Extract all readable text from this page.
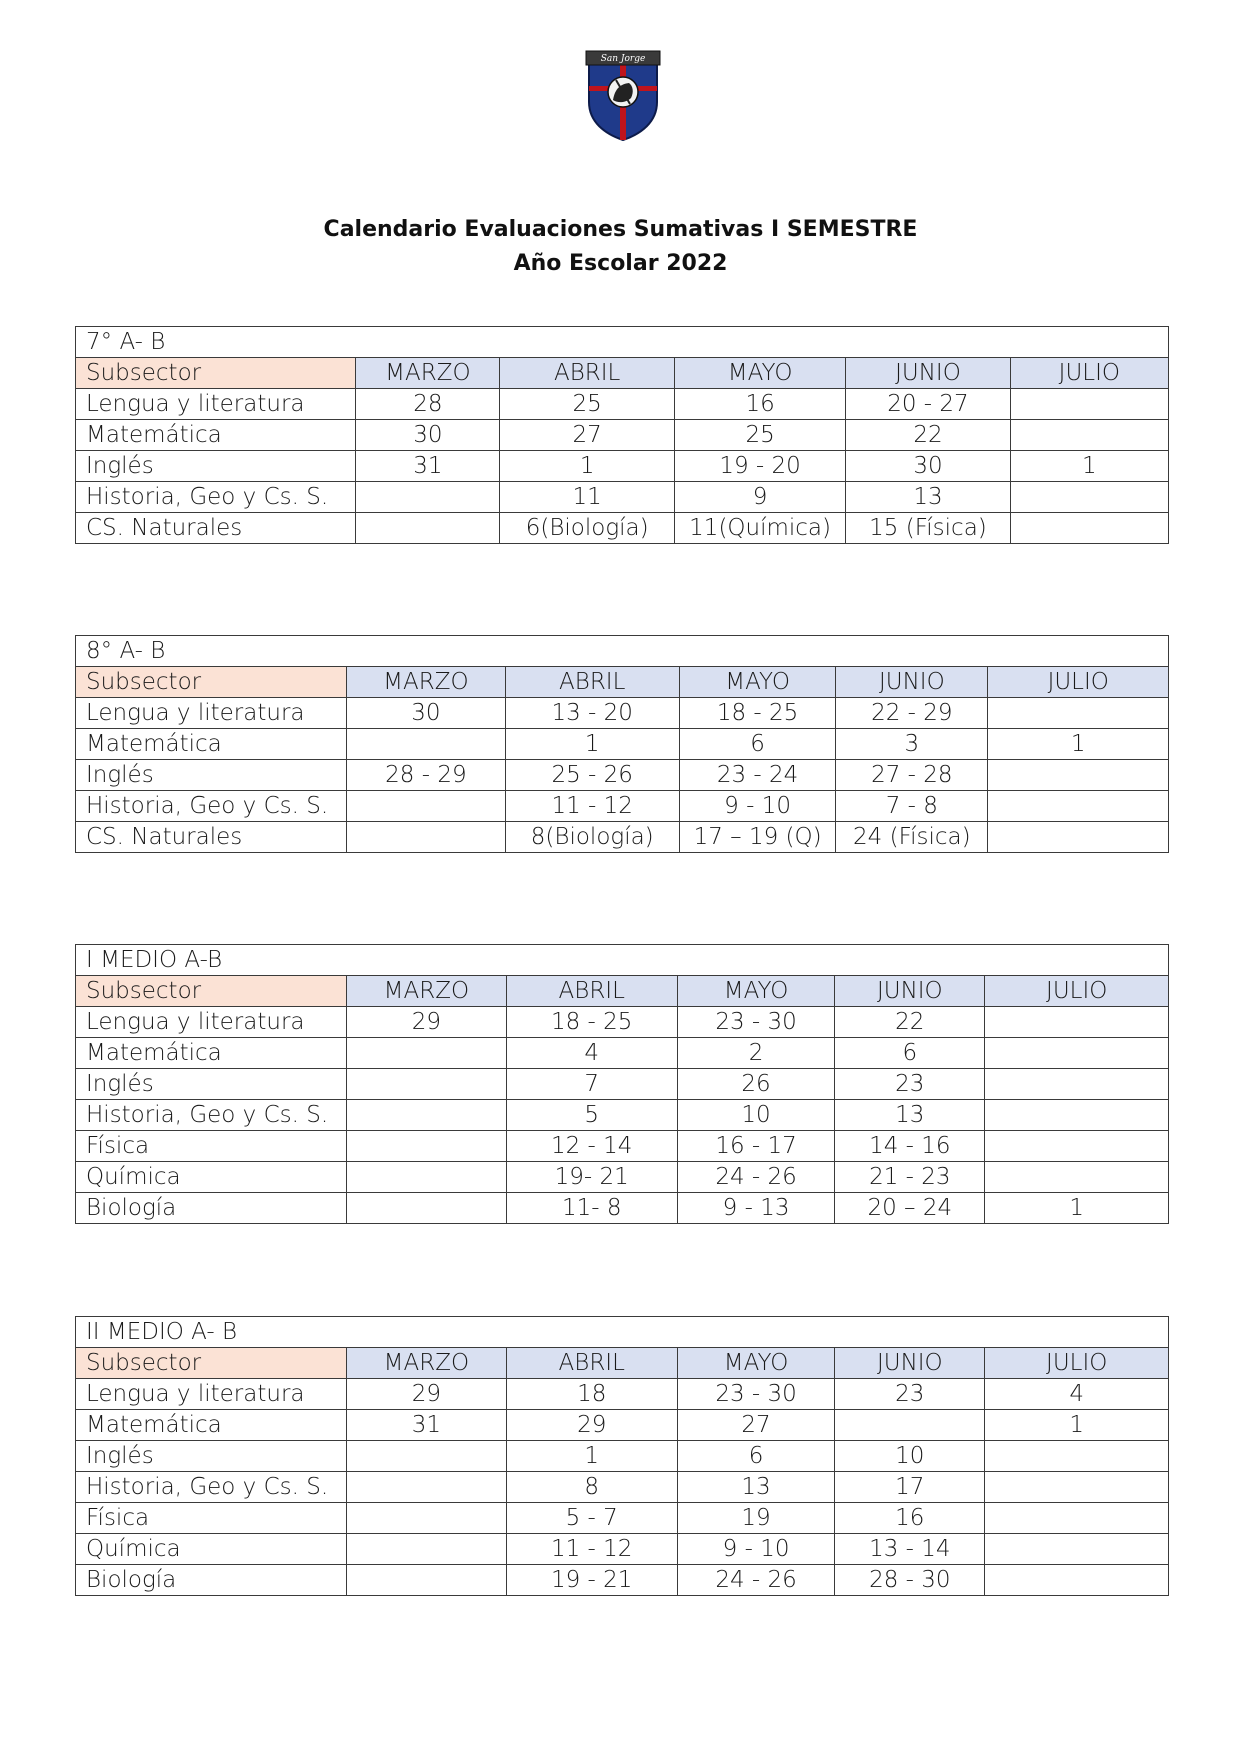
San Jorge
Calendario Evaluaciones Sumativas I SEMESTRE
Año Escolar 2022
7° A- B					
Subsector	MARZO	ABRIL	MAYO	JUNIO	JULIO
Lengua y literatura	28	25	16	20 - 27	
Matemática	30	27	25	22	
Inglés	31	1	19 - 20	30	1
Historia, Geo y Cs. S.		11	9	13	
CS. Naturales		6(Biología)	11(Química)	15 (Física)	
8° A- B					
Subsector	MARZO	ABRIL	MAYO	JUNIO	JULIO
Lengua y literatura	30	13 - 20	18 - 25	22 - 29	
Matemática		1	6	3	1
Inglés	28 - 29	25 - 26	23 - 24	27 - 28	
Historia, Geo y Cs. S.		11 - 12	9 - 10	7 - 8	
CS. Naturales		8(Biología)	17 – 19 (Q)	24 (Física)	
I MEDIO A-B					
Subsector	MARZO	ABRIL	MAYO	JUNIO	JULIO
Lengua y literatura	29	18 - 25	23 - 30	22	
Matemática		4	2	6	
Inglés		7	26	23	
Historia, Geo y Cs. S.		5	10	13	
Física		12 - 14	16 - 17	14 - 16	
Química		19- 21	24 - 26	21 - 23	
Biología		11- 8	9 - 13	20 – 24	1
II MEDIO A- B					
Subsector	MARZO	ABRIL	MAYO	JUNIO	JULIO
Lengua y literatura	29	18	23 - 30	23	4
Matemática	31	29	27		1
Inglés		1	6	10	
Historia, Geo y Cs. S.		8	13	17	
Física		5 - 7	19	16	
Química		11 - 12	9 - 10	13 - 14	
Biología		19 - 21	24 - 26	28 - 30	
